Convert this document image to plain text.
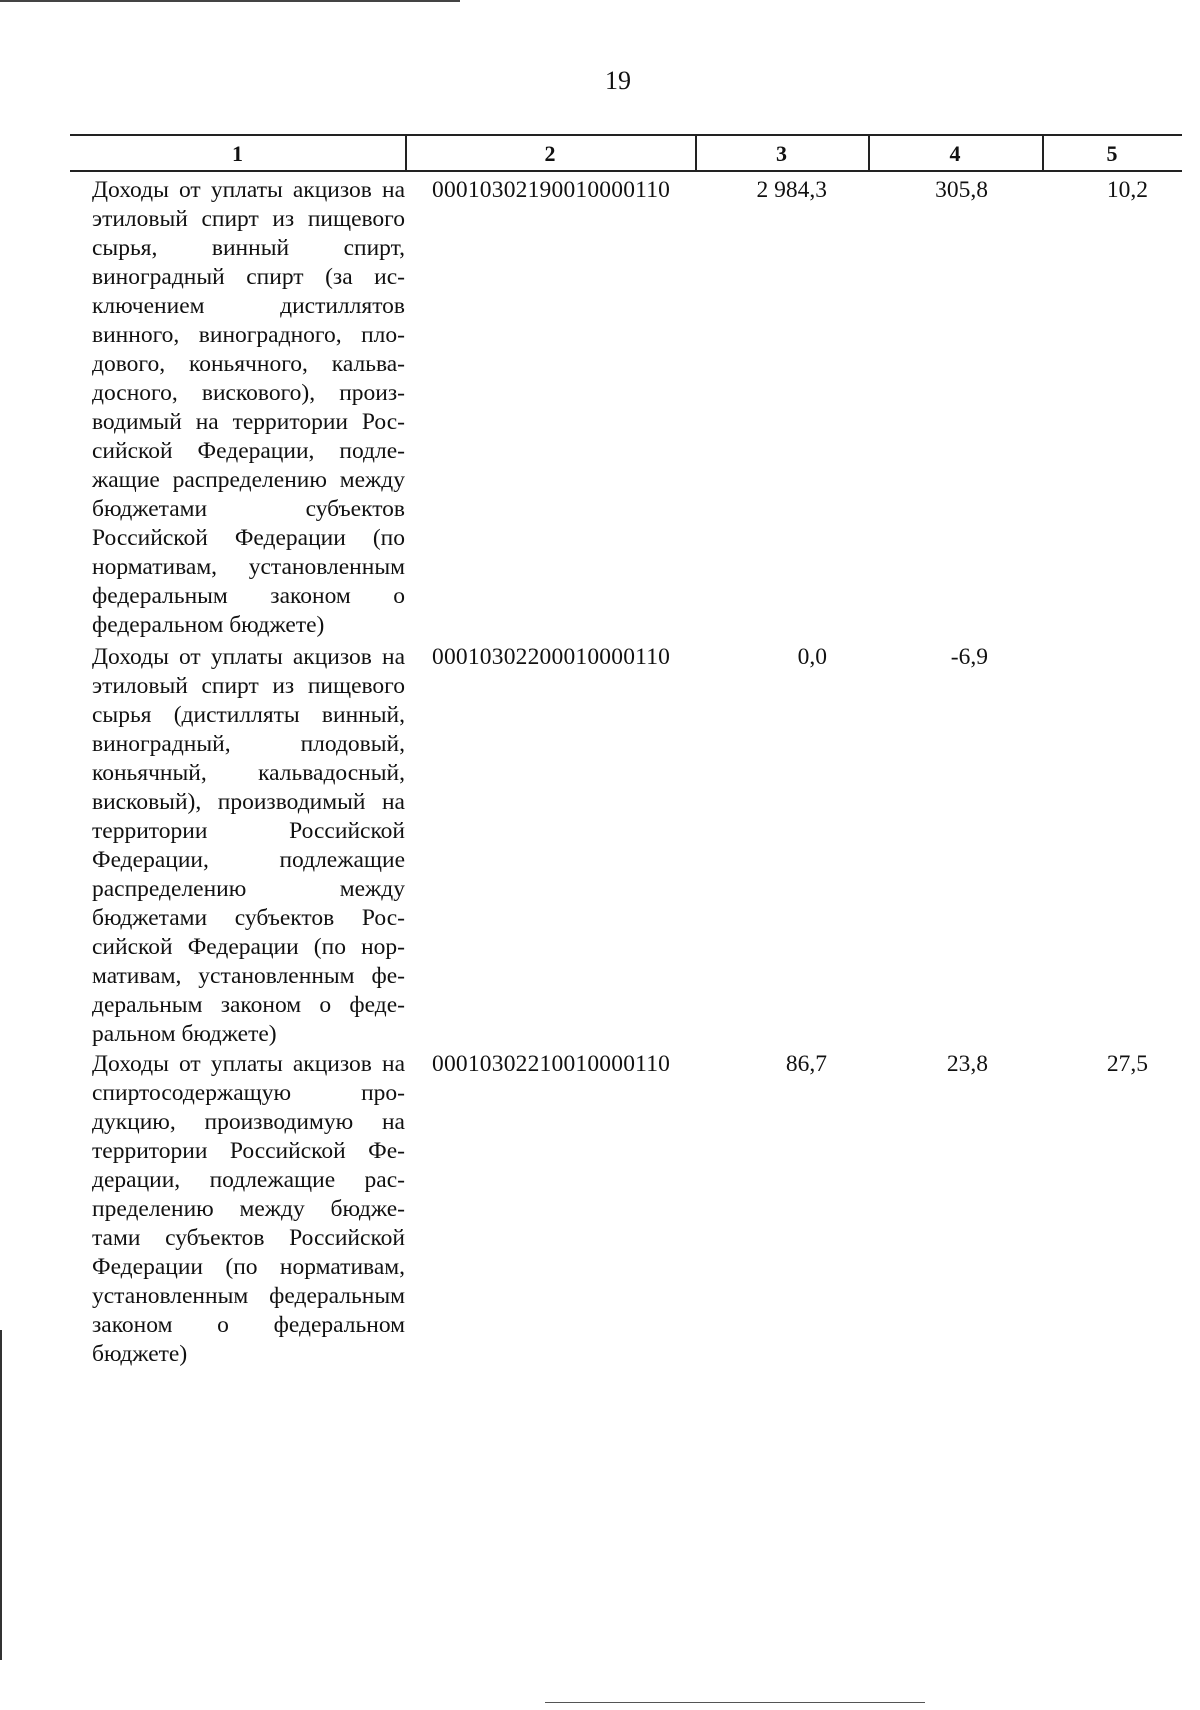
19
1	2	3	4	5
Доходы от уплаты акцизов на этиловый спирт из пищевого сырья, винный спирт, виноградный спирт (за исключением дистиллятов винного, виноградного, плодового, коньячного, кальвадосного, вискового), производимый на территории Российской Федерации, подлежащие распределению между бюджетами субъектов Российской Федерации (по нормативам, установленным федеральным законом о федеральном бюджете)
00010302190010000110	2 984,3	305,8	10,2
Доходы от уплаты акцизов на этиловый спирт из пищевого сырья (дистилляты винный, виноградный, плодовый, коньячный, кальвадосный, висковый), производимый на территории Российской Федерации, подлежащие распределению между бюджетами субъектов Российской Федерации (по нормативам, установленным федеральным законом о федеральном бюджете)
00010302200010000110	0,0	-6,9
Доходы от уплаты акцизов на спиртосодержащую продукцию, производимую на территории Российской Федерации, подлежащие распределению между бюджетами субъектов Российской Федерации (по нормативам, установленным федеральным законом о федеральном бюджете)
00010302210010000110	86,7	23,8	27,5
